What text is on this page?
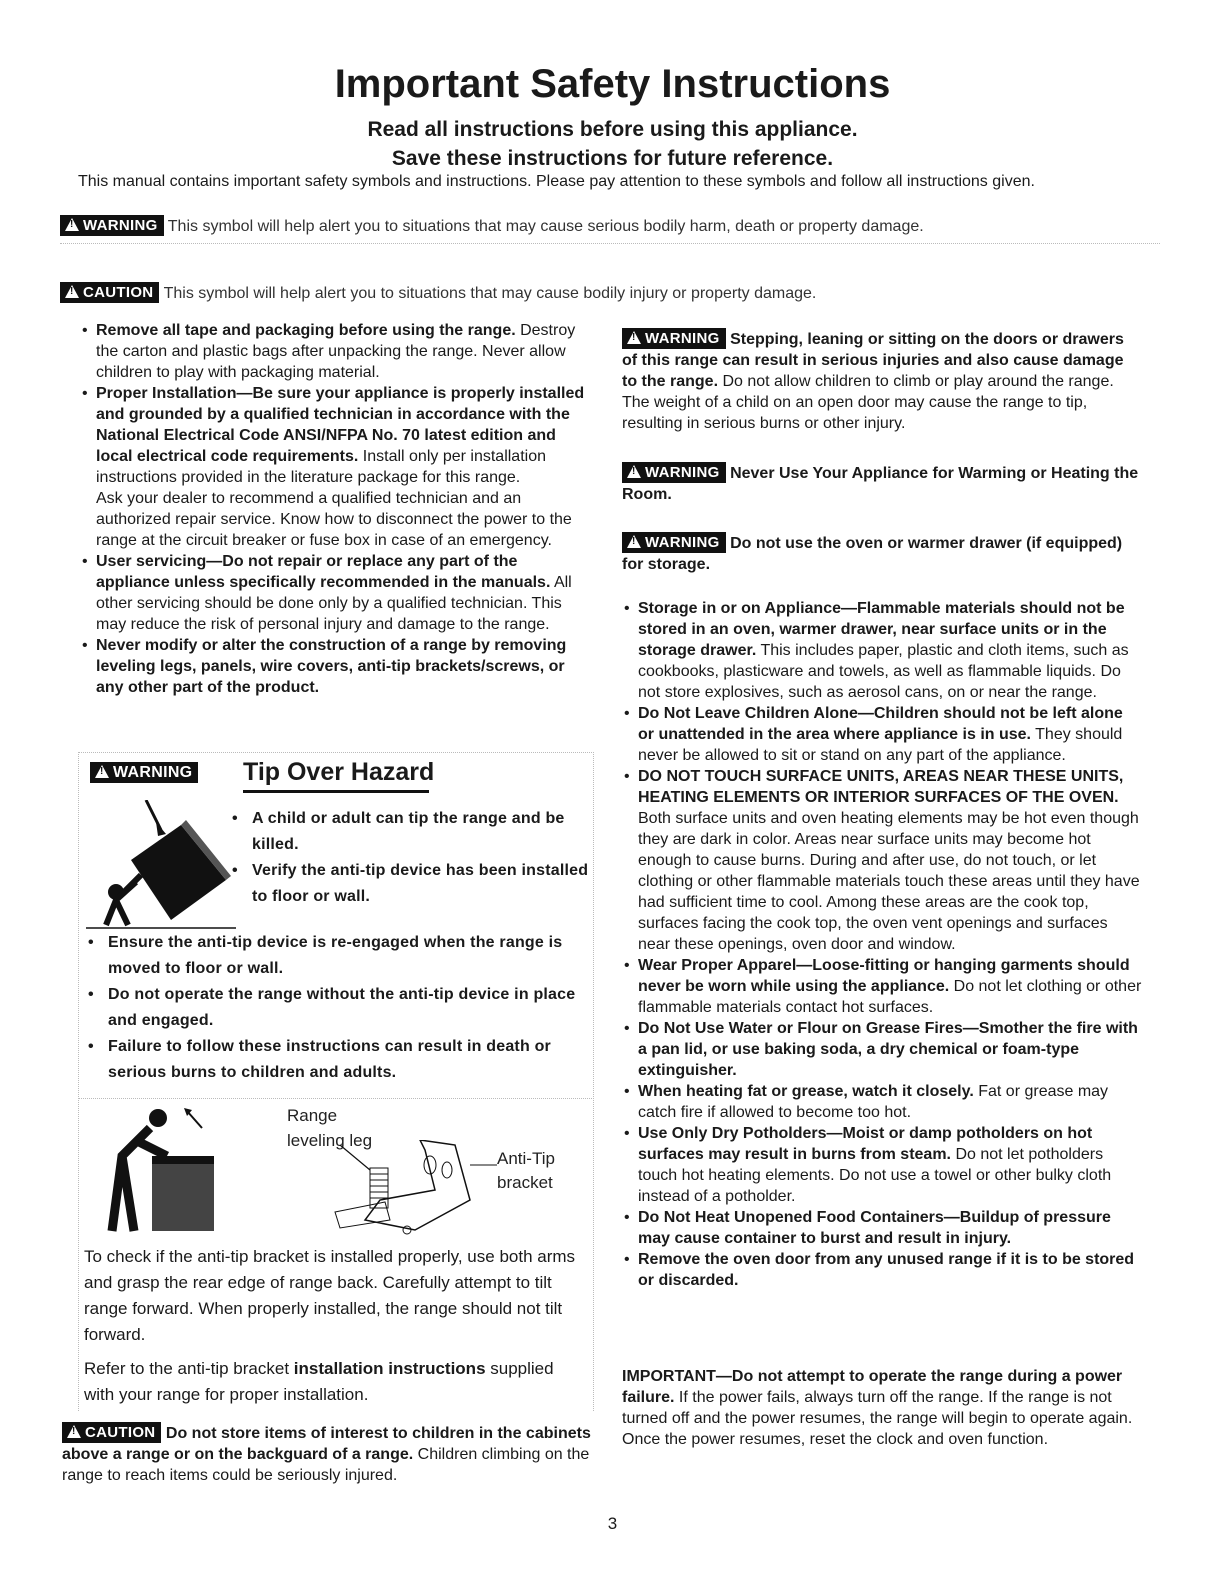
Important Safety Instructions
Read all instructions before using this appliance.
Save these instructions for future reference.
This manual contains important safety symbols and instructions. Please pay attention to these symbols and follow all instructions given.
!WARNING This symbol will help alert you to situations that may cause serious bodily harm, death or property damage.
!CAUTION This symbol will help alert you to situations that may cause bodily injury or property damage.
• Remove all tape and packaging before using the range. Destroy the carton and plastic bags after unpacking the range. Never allow children to play with packaging material.
• Proper Installation—Be sure your appliance is properly installed and grounded by a qualified technician in accordance with the National Electrical Code ANSI/NFPA No. 70 latest edition and local electrical code requirements. Install only per installation instructions provided in the literature package for this range.
Ask your dealer to recommend a qualified technician and an authorized repair service. Know how to disconnect the power to the range at the circuit breaker or fuse box in case of an emergency.
• User servicing—Do not repair or replace any part of the appliance unless specifically recommended in the manuals. All other servicing should be done only by a qualified technician. This may reduce the risk of personal injury and damage to the range.
• Never modify or alter the construction of a range by removing leveling legs, panels, wire covers, anti-tip brackets/screws, or any other part of the product.
!WARNING Tip Over Hazard
• A child or adult can tip the range and be killed.
• Verify the anti-tip device has been installed to floor or wall.
• Ensure the anti-tip device is re-engaged when the range is moved to floor or wall.
• Do not operate the range without the anti-tip device in place and engaged.
• Failure to follow these instructions can result in death or serious burns to children and adults.
Range
leveling leg
Anti-Tip
bracket
To check if the anti-tip bracket is installed properly, use both arms and grasp the rear edge of range back. Carefully attempt to tilt range forward. When properly installed, the range should not tilt forward.
Refer to the anti-tip bracket installation instructions supplied with your range for proper installation.
!CAUTION Do not store items of interest to children in the cabinets above a range or on the backguard of a range. Children climbing on the range to reach items could be seriously injured.
!WARNING Stepping, leaning or sitting on the doors or drawers of this range can result in serious injuries and also cause damage to the range. Do not allow children to climb or play around the range. The weight of a child on an open door may cause the range to tip, resulting in serious burns or other injury.
!WARNING Never Use Your Appliance for Warming or Heating the Room.
!WARNING Do not use the oven or warmer drawer (if equipped) for storage.
• Storage in or on Appliance—Flammable materials should not be stored in an oven, warmer drawer, near surface units or in the storage drawer. This includes paper, plastic and cloth items, such as cookbooks, plasticware and towels, as well as flammable liquids. Do not store explosives, such as aerosol cans, on or near the range.
• Do Not Leave Children Alone—Children should not be left alone or unattended in the area where appliance is in use. They should never be allowed to sit or stand on any part of the appliance.
• DO NOT TOUCH SURFACE UNITS, AREAS NEAR THESE UNITS, HEATING ELEMENTS OR INTERIOR SURFACES OF THE OVEN. Both surface units and oven heating elements may be hot even though they are dark in color. Areas near surface units may become hot enough to cause burns. During and after use, do not touch, or let clothing or other flammable materials touch these areas until they have had sufficient time to cool. Among these areas are the cook top, surfaces facing the cook top, the oven vent openings and surfaces near these openings, oven door and window.
• Wear Proper Apparel—Loose-fitting or hanging garments should never be worn while using the appliance. Do not let clothing or other flammable materials contact hot surfaces.
• Do Not Use Water or Flour on Grease Fires—Smother the fire with a pan lid, or use baking soda, a dry chemical or foam-type extinguisher.
• When heating fat or grease, watch it closely. Fat or grease may catch fire if allowed to become too hot.
• Use Only Dry Potholders—Moist or damp potholders on hot surfaces may result in burns from steam. Do not let potholders touch hot heating elements. Do not use a towel or other bulky cloth instead of a potholder.
• Do Not Heat Unopened Food Containers—Buildup of pressure may cause container to burst and result in injury.
• Remove the oven door from any unused range if it is to be stored or discarded.
IMPORTANT—Do not attempt to operate the range during a power failure. If the power fails, always turn off the range. If the range is not turned off and the power resumes, the range will begin to operate again. Once the power resumes, reset the clock and oven function.
3
